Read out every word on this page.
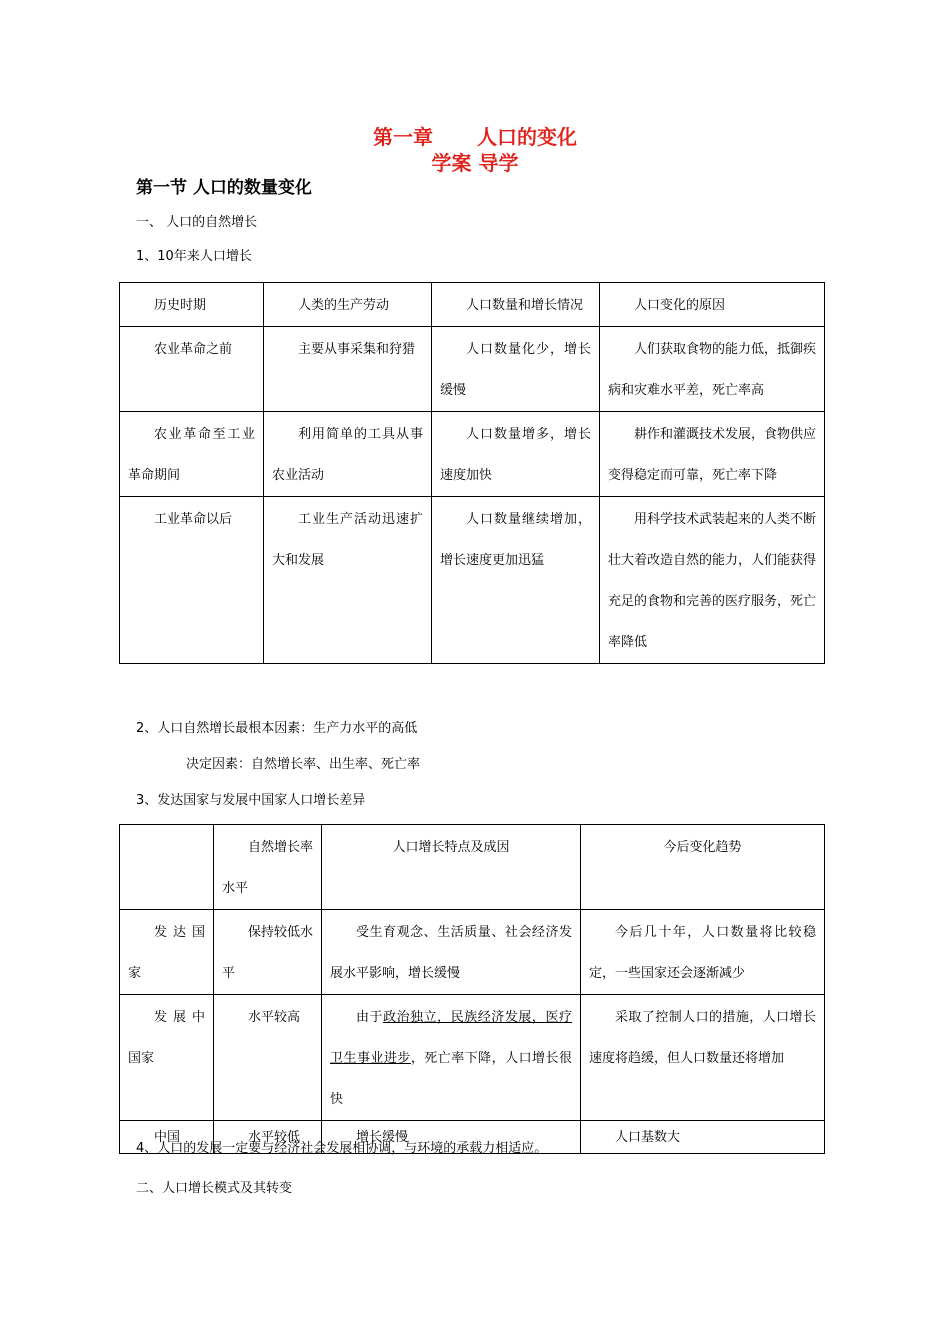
第一章 人口的变化

学案 导学

第一节 人口的数量变化

一、 人口的自然增长

1、10年来人口增长

历史时期	人类的生产劳动	人口数量和增长情况	人口变化的原因
农业革命之前	主要从事采集和狩猎	人口数量化少，增长缓慢	人们获取食物的能力低，抵御疾病和灾难水平差，死亡率高
农业革命至工业革命期间	利用简单的工具从事农业活动	人口数量增多，增长速度加快	耕作和灌溉技术发展，食物供应变得稳定而可靠，死亡率下降
工业革命以后	工业生产活动迅速扩大和发展	人口数量继续增加，增长速度更加迅猛	用科学技术武装起来的人类不断壮大着改造自然的能力，人们能获得充足的食物和完善的医疗服务，死亡率降低

2、人口自然增长最根本因素：生产力水平的高低

决定因素：自然增长率、出生率、死亡率

3、发达国家与发展中国家人口增长差异

	自然增长率水平	人口增长特点及成因	今后变化趋势
发达国家	保持较低水平	受生育观念、生活质量、社会经济发展水平影响，增长缓慢	今后几十年，人口数量将比较稳定，一些国家还会逐渐减少
发展中国家	水平较高	由于政治独立，民族经济发展，医疗卫生事业进步，死亡率下降，人口增长很快	采取了控制人口的措施，人口增长速度将趋缓，但人口数量还将增加
中国	水平较低	增长缓慢	人口基数大

4、人口的发展一定要与经济社会发展相协调，与环境的承载力相适应。

二、人口增长模式及其转变
